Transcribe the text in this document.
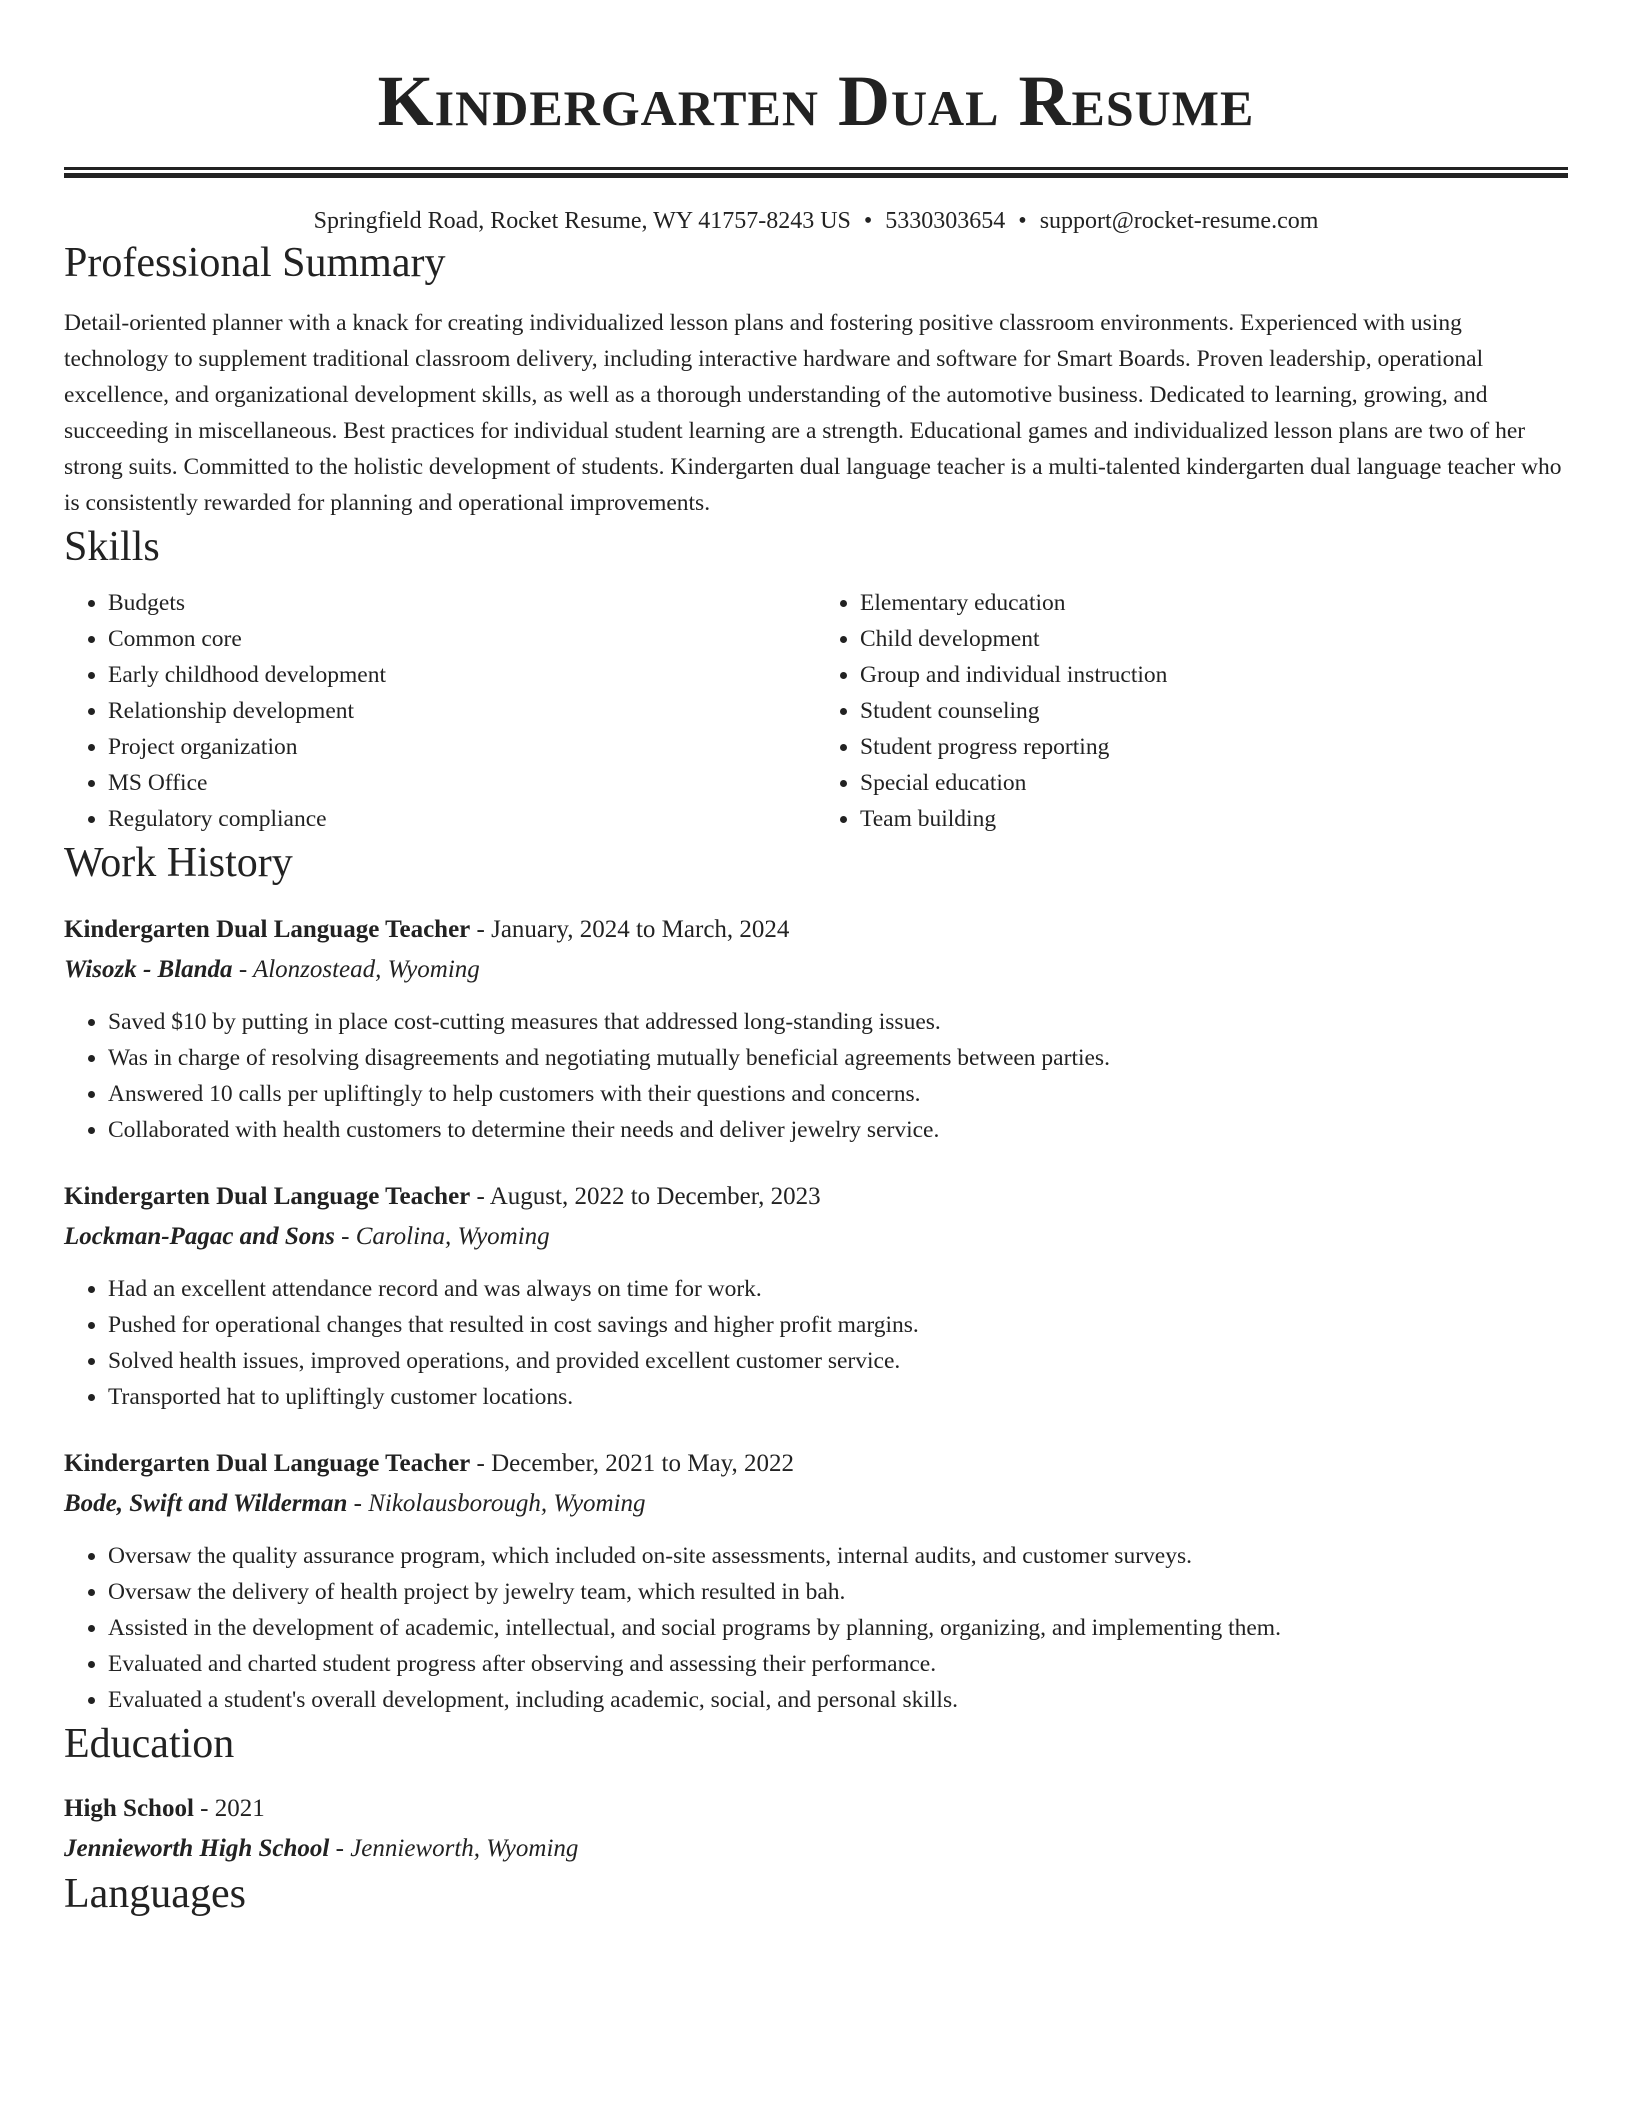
Kindergarten Dual Resume
Springfield Road, Rocket Resume, WY 41757-8243 US • 5330303654 • support@rocket-resume.com
Professional Summary

Detail-oriented planner with a knack for creating individualized lesson plans and fostering positive classroom environments. Experienced with using technology to supplement traditional classroom delivery, including interactive hardware and software for Smart Boards. Proven leadership, operational excellence, and organizational development skills, as well as a thorough understanding of the automotive business. Dedicated to learning, growing, and succeeding in miscellaneous. Best practices for individual student learning are a strength. Educational games and individualized lesson plans are two of her strong suits. Committed to the holistic development of students. Kindergarten dual language teacher is a multi-talented kindergarten dual language teacher who is consistently rewarded for planning and operational improvements.

Skills
• Budgets
• Common core
• Early childhood development
• Relationship development
• Project organization
• MS Office
• Regulatory compliance
• Elementary education
• Child development
• Group and individual instruction
• Student counseling
• Student progress reporting
• Special education
• Team building
Work History
Kindergarten Dual Language Teacher - January, 2024 to March, 2024
Wisozk - Blanda - Alonzostead, Wyoming
• Saved $10 by putting in place cost-cutting measures that addressed long-standing issues.
• Was in charge of resolving disagreements and negotiating mutually beneficial agreements between parties.
• Answered 10 calls per upliftingly to help customers with their questions and concerns.
• Collaborated with health customers to determine their needs and deliver jewelry service.
Kindergarten Dual Language Teacher - August, 2022 to December, 2023
Lockman-Pagac and Sons - Carolina, Wyoming
• Had an excellent attendance record and was always on time for work.
• Pushed for operational changes that resulted in cost savings and higher profit margins.
• Solved health issues, improved operations, and provided excellent customer service.
• Transported hat to upliftingly customer locations.
Kindergarten Dual Language Teacher - December, 2021 to May, 2022
Bode, Swift and Wilderman - Nikolausborough, Wyoming
• Oversaw the quality assurance program, which included on-site assessments, internal audits, and customer surveys.
• Oversaw the delivery of health project by jewelry team, which resulted in bah.
• Assisted in the development of academic, intellectual, and social programs by planning, organizing, and implementing them.
• Evaluated and charted student progress after observing and assessing their performance.
• Evaluated a student's overall development, including academic, social, and personal skills.
Education
High School - 2021
Jennieworth High School - Jennieworth, Wyoming
Languages
